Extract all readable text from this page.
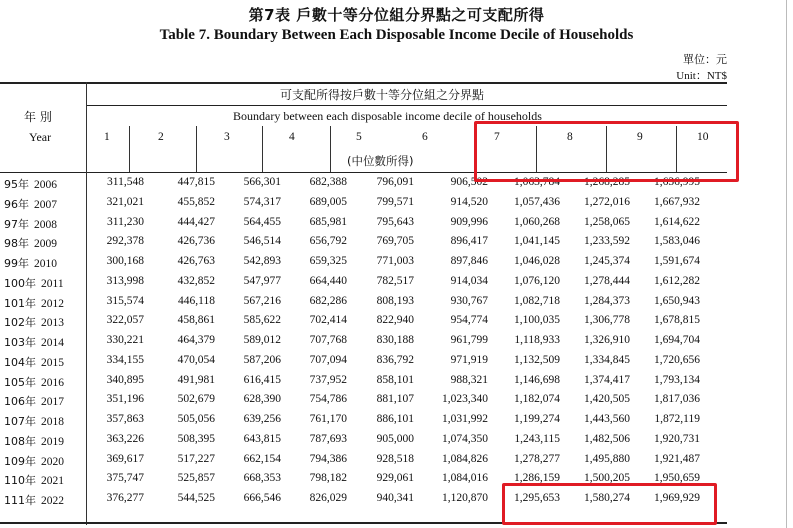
第7表 戶數十等分位組分界點之可支配所得
Table 7. Boundary Between Each Disposable Income Decile of Households
單位：元
Unit：NT$
年 別
Year
可支配所得按戶數十等分位組之分界點
Boundary between each disposable income decile of households
(中位數所得)
1	2	3	4	5	6	7	8	9	10
95年 2006	311,548	447,815 566,301 682,388	796,091	906,502 1,063,784 1,268,285 1,636,995
96年 2007	321,021	455,852 574,317 689,005	799,571	914,520 1,057,436 1,272,016 1,667,932
97年 2008	311,230	444,427 564,455 685,981	795,643	909,996 1,060,268 1,258,065 1,614,622
98年 2009	292,378	426,736 546,514 656,792	769,705	896,417 1,041,145 1,233,592 1,583,046
99年 2010	300,168	426,763 542,893 659,325	771,003	897,846 1,046,028 1,245,374 1,591,674
100年 2011	313,998	432,852 547,977 664,440	782,517	914,034 1,076,120 1,278,444 1,612,282
101年 2012	315,574	446,118 567,216 682,286	808,193	930,767 1,082,718 1,284,373 1,650,943
102年 2013	322,057	458,861 585,622 702,414	822,940	954,774 1,100,035 1,306,778 1,678,815
103年 2014	330,221	464,379 589,012 707,768	830,188	961,799 1,118,933 1,326,910 1,694,704
104年 2015	334,155	470,054 587,206 707,094	836,792	971,919 1,132,509 1,334,845 1,720,656
105年 2016	340,895	491,981 616,415 737,952	858,101	988,321 1,146,698 1,374,417 1,793,134
106年 2017	351,196	502,679 628,390 754,786	881,107 1,023,340 1,182,074 1,420,505 1,817,036
107年 2018	357,863	505,056 639,256 761,170	886,101 1,031,992 1,199,274 1,443,560 1,872,119
108年 2019	363,226	508,395 643,815 787,693	905,000 1,074,350 1,243,115 1,482,506 1,920,731
109年 2020	369,617	517,227 662,154 794,386	928,518 1,084,826 1,278,277 1,495,880 1,921,487
110年 2021	375,747	525,857 668,353 798,182	929,061 1,084,016 1,286,159 1,500,205 1,950,659
111年 2022	376,277	544,525 666,546 826,029	940,341 1,120,870 1,295,653 1,580,274 1,969,929
